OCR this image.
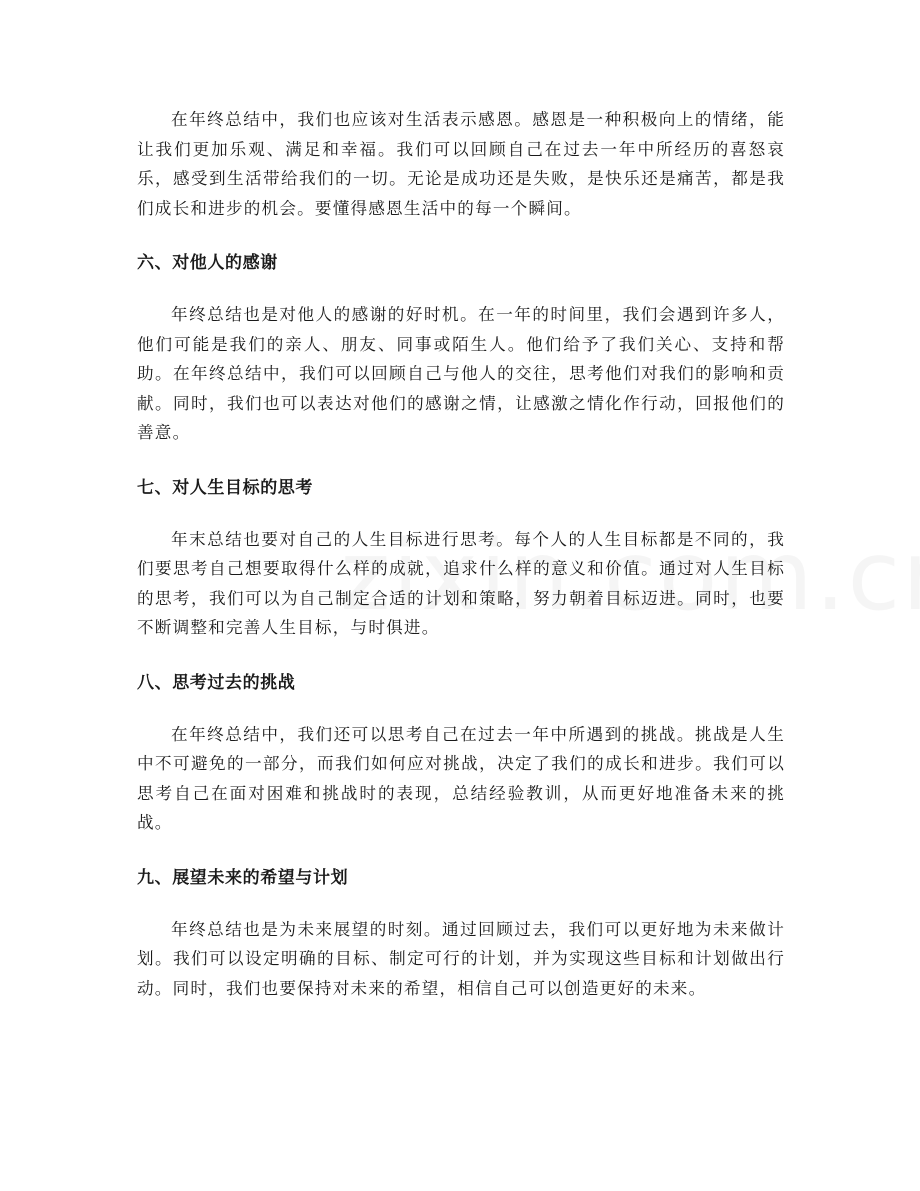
在年终总结中，我们也应该对生活表示感恩。感恩是一种积极向上的情绪，能让我们更加乐观、满足和幸福。我们可以回顾自己在过去一年中所经历的喜怒哀乐，感受到生活带给我们的一切。无论是成功还是失败，是快乐还是痛苦，都是我们成长和进步的机会。要懂得感恩生活中的每一个瞬间。

六、对他人的感谢

年终总结也是对他人的感谢的好时机。在一年的时间里，我们会遇到许多人，他们可能是我们的亲人、朋友、同事或陌生人。他们给予了我们关心、支持和帮助。在年终总结中，我们可以回顾自己与他人的交往，思考他们对我们的影响和贡献。同时，我们也可以表达对他们的感谢之情，让感激之情化作行动，回报他们的善意。

七、对人生目标的思考

年末总结也要对自己的人生目标进行思考。每个人的人生目标都是不同的，我们要思考自己想要取得什么样的成就，追求什么样的意义和价值。通过对人生目标的思考，我们可以为自己制定合适的计划和策略，努力朝着目标迈进。同时，也要不断调整和完善人生目标，与时俱进。

八、思考过去的挑战

在年终总结中，我们还可以思考自己在过去一年中所遇到的挑战。挑战是人生中不可避免的一部分，而我们如何应对挑战，决定了我们的成长和进步。我们可以思考自己在面对困难和挑战时的表现，总结经验教训，从而更好地准备未来的挑战。

九、展望未来的希望与计划

年终总结也是为未来展望的时刻。通过回顾过去，我们可以更好地为未来做计划。我们可以设定明确的目标、制定可行的计划，并为实现这些目标和计划做出行动。同时，我们也要保持对未来的希望，相信自己可以创造更好的未来。
